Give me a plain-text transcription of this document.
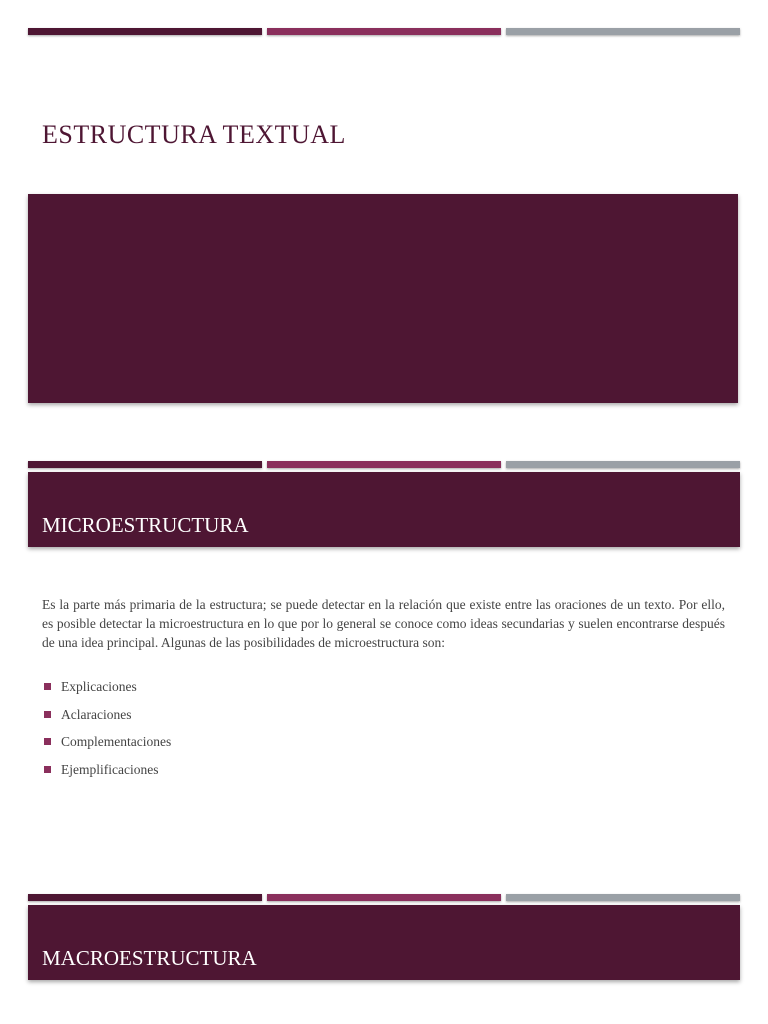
ESTRUCTURA TEXTUAL
MICROESTRUCTURA
Es la parte más primaria de la estructura; se puede detectar en la relación que existe entre las oraciones de un texto. Por ello, es posible detectar la microestructura en lo que por lo general se conoce como ideas secundarias y suelen encontrarse después de una idea principal. Algunas de las posibilidades de microestructura son:
Explicaciones
Aclaraciones
Complementaciones
Ejemplificaciones
MACROESTRUCTURA
